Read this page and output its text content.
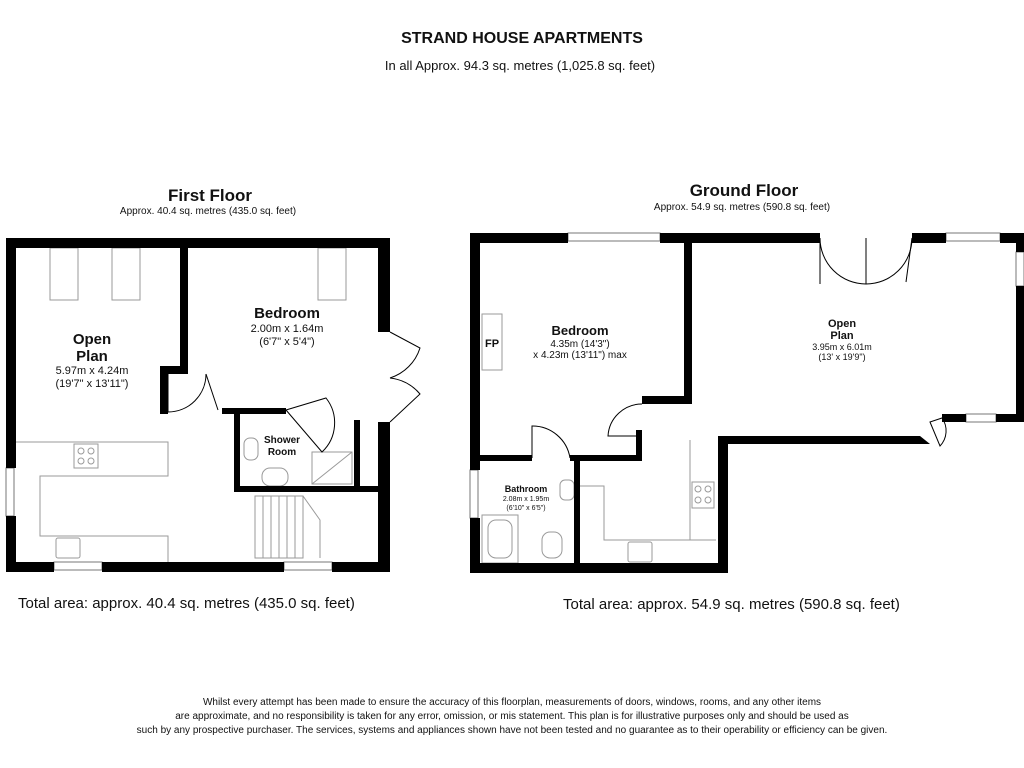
STRAND HOUSE APARTMENTS
In all Approx. 94.3 sq. metres (1,025.8 sq. feet)
First Floor
Approx. 40.4 sq. metres (435.0 sq. feet)
Ground Floor
Approx. 54.9 sq. metres (590.8 sq. feet)
Open
Plan
5.97m x 4.24m
(19'7" x 13'11")
Bedroom
2.00m x 1.64m
(6'7" x 5'4")
Shower
Room
Bedroom
4.35m (14'3")
x 4.23m (13'11") max
FP
Open
Plan
3.95m x 6.01m
(13' x 19'9")
Bathroom
2.08m x 1.95m
(6'10" x 6'5")
Total area: approx. 40.4 sq. metres (435.0 sq. feet)	Total area: approx. 54.9 sq. metres (590.8 sq. feet)
Whilst every attempt has been made to ensure the accuracy of this floorplan, measurements of doors, windows, rooms, and any other items
are approximate, and no responsibility is taken for any error, omission, or mis statement. This plan is for illustrative purposes only and should be used as
such by any prospective purchaser. The services, systems and appliances shown have not been tested and no guarantee as to their operability or efficiency can be given.
